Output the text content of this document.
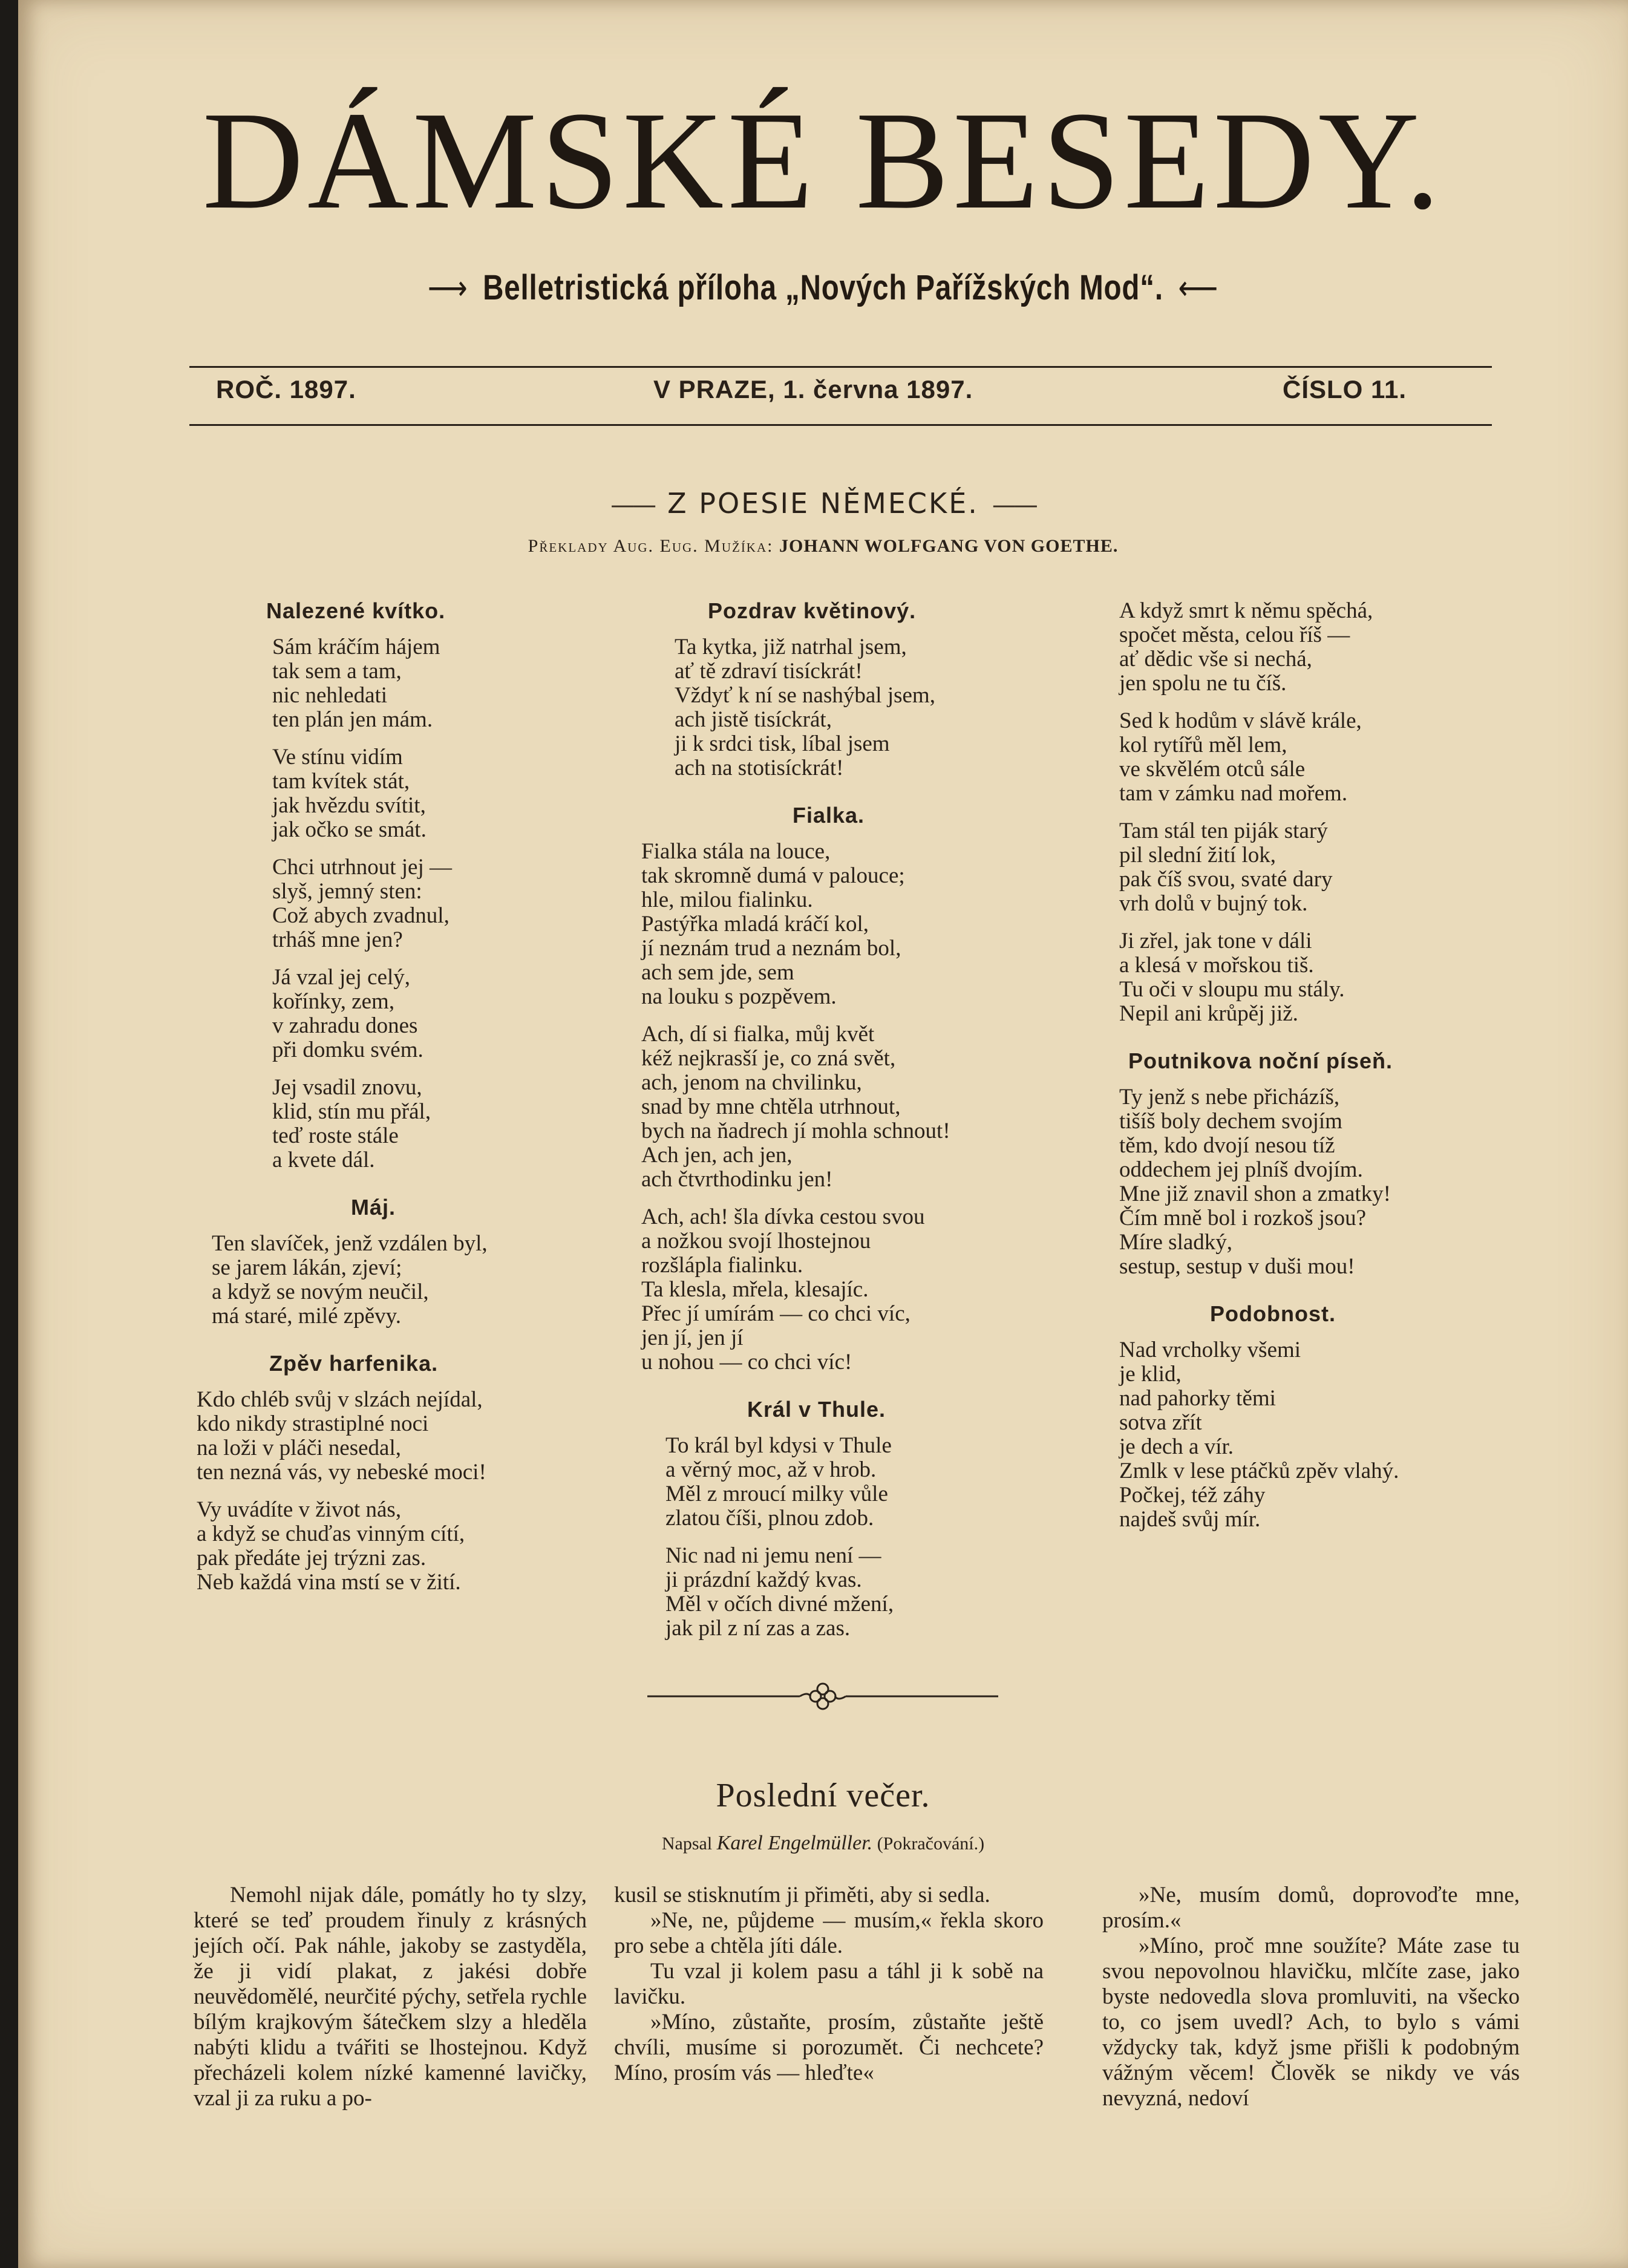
DÁMSKÉ BESEDY.
⟶ Belletristická příloha „Nových Pařížských Mod“. ⟵
ROČ. 1897.	V PRAZE, 1. června 1897.	ČÍSLO 11.
—— Z POESIE NĚMECKÉ. ——
Překlady Aug. Eug. Mužíka: JOHANN WOLFGANG VON GOETHE.
Nalezené kvítko.
Sám kráčím hájem
tak sem a tam,
nic nehledati
ten plán jen mám.
Ve stínu vidím
tam kvítek stát,
jak hvězdu svítit,
jak očko se smát.
Chci utrhnout jej —
slyš, jemný sten:
Což abych zvadnul,
trháš mne jen?
Já vzal jej celý,
kořínky, zem,
v zahradu dones
při domku svém.
Jej vsadil znovu,
klid, stín mu přál,
teď roste stále
a kvete dál.
Máj.
Ten slavíček, jenž vzdálen byl,
se jarem lákán, zjeví;
a když se novým neučil,
má staré, milé zpěvy.
Zpěv harfenika.
Kdo chléb svůj v slzách nejídal,
kdo nikdy strastiplné noci
na loži v pláči nesedal,
ten nezná vás, vy nebeské moci!
Vy uvádíte v život nás,
a když se chuďas vinným cítí,
pak předáte jej trýzni zas.
Neb každá vina mstí se v žití.
Pozdrav květinový.
Ta kytka, již natrhal jsem,
ať tě zdraví tisíckrát!
Vždyť k ní se nashýbal jsem,
ach jistě tisíckrát,
ji k srdci tisk, líbal jsem
ach na stotisíckrát!
Fialka.
Fialka stála na louce,
tak skromně dumá v palouce;
hle, milou fialinku.
Pastýřka mladá kráčí kol,
jí neznám trud a neznám bol,
ach sem jde, sem
na louku s pozpěvem.
Ach, dí si fialka, můj květ
kéž nejkrasší je, co zná svět,
ach, jenom na chvilinku,
snad by mne chtěla utrhnout,
bych na ňadrech jí mohla schnout!
Ach jen, ach jen,
ach čtvrthodinku jen!
Ach, ach! šla dívka cestou svou
a nožkou svojí lhostejnou
rozšlápla fialinku.
Ta klesla, mřela, klesajíc.
Přec jí umírám — co chci víc,
jen jí, jen jí
u nohou — co chci víc!
Král v Thule.
To král byl kdysi v Thule
a věrný moc, až v hrob.
Měl z mroucí milky vůle
zlatou číši, plnou zdob.
Nic nad ni jemu není —
ji prázdní každý kvas.
Měl v očích divné mžení,
jak pil z ní zas a zas.
A když smrt k němu spěchá,
spočet města, celou říš —
ať dědic vše si nechá,
jen spolu ne tu číš.
Sed k hodům v slávě krále,
kol rytířů měl lem,
ve skvělém otců sále
tam v zámku nad mořem.
Tam stál ten piják starý
pil slední žití lok,
pak číš svou, svaté dary
vrh dolů v bujný tok.
Ji zřel, jak tone v dáli
a klesá v mořskou tiš.
Tu oči v sloupu mu stály.
Nepil ani krůpěj již.
Poutnikova noční píseň.
Ty jenž s nebe přicházíš,
tišíš boly dechem svojím
těm, kdo dvojí nesou tíž
oddechem jej plníš dvojím.
Mne již znavil shon a zmatky!
Čím mně bol i rozkoš jsou?
Míre sladký,
sestup, sestup v duši mou!
Podobnost.
Nad vrcholky všemi
je klid,
nad pahorky těmi
sotva zřít
je dech a vír.
Zmlk v lese ptáčků zpěv vlahý.
Počkej, též záhy
najdeš svůj mír.
Poslední večer.
Napsal Karel Engelmüller. (Pokračování.)

Nemohl nijak dále, pomátly ho ty slzy, které se teď proudem řinuly z krásných jejích očí. Pak náhle, jakoby se zastyděla, že ji vidí plakat, z jakési dobře neuvědomělé, neurčité pýchy, setřela rychle bílým krajkovým šátečkem slzy a hleděla nabýti klidu a tvářiti se lhostejnou. Když přecházeli kolem nízké kamenné lavičky, vzal ji za ruku a po-

kusil se stisknutím ji přiměti, aby si sedla.

»Ne, ne, půjdeme — musím,« řekla skoro pro sebe a chtěla jíti dále.

Tu vzal ji kolem pasu a táhl ji k sobě na lavičku.

»Míno, zůstaňte, prosím, zůstaňte ještě chvíli, musíme si porozumět. Či nechcete? Míno, prosím vás — hleďte«

»Ne, musím domů, doprovoďte mne, prosím.«

»Míno, proč mne soužíte? Máte zase tu svou nepovolnou hlavičku, mlčíte zase, jako byste nedovedla slova promluviti, na všecko to, co jsem uvedl? Ach, to bylo s vámi vždycky tak, když jsme přišli k podobným vážným věcem! Člověk se nikdy ve vás nevyzná, nedoví
